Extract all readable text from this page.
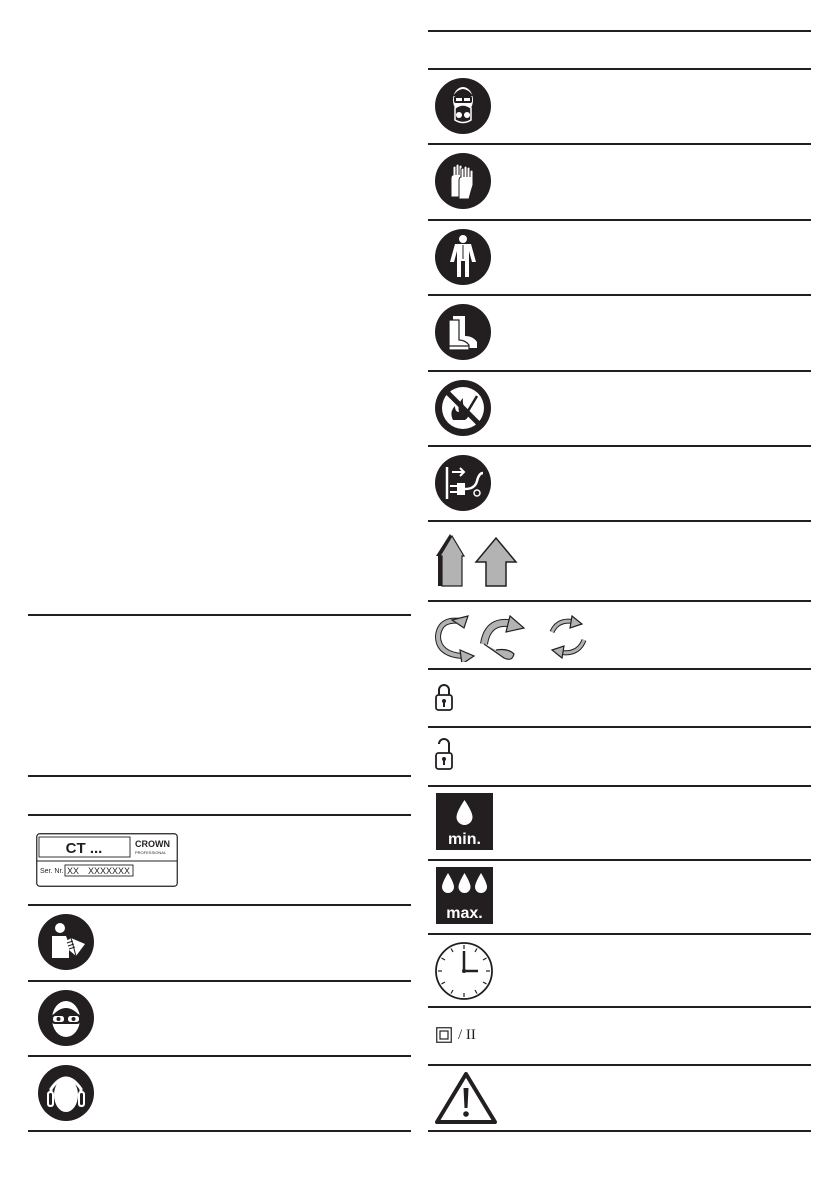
CT ...	CROWN
PROFESSIONAL
Ser. Nr. XX XXXXXXX
min.
max.
/ II
